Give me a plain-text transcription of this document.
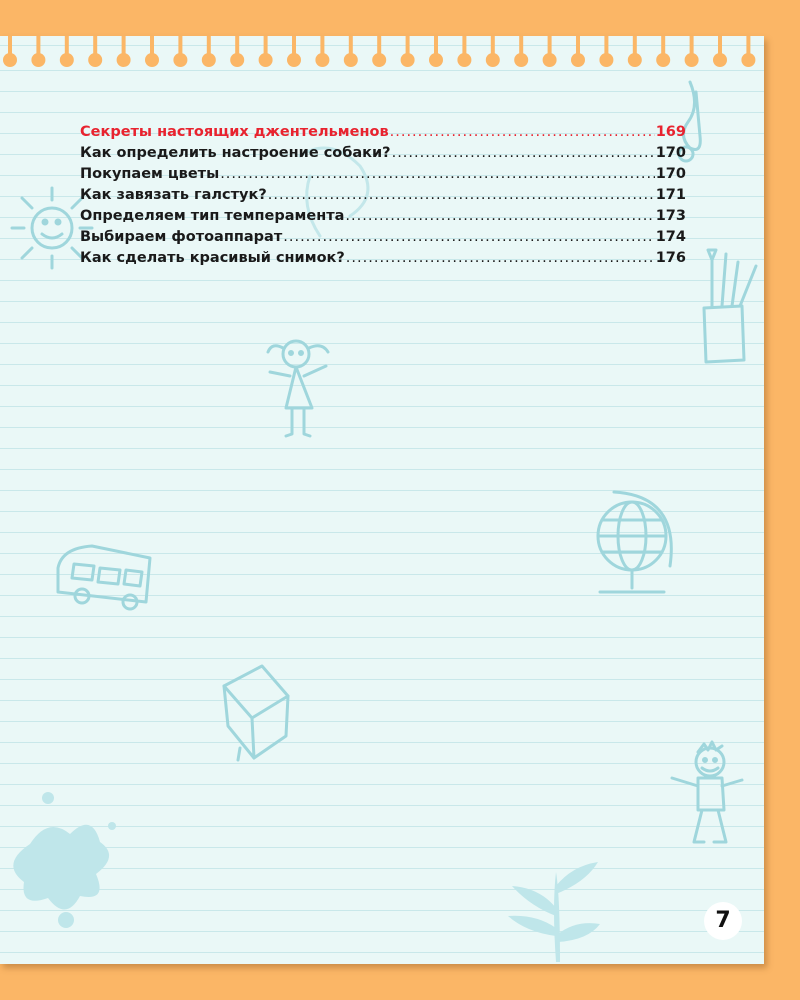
Секреты настоящих джентельменов .....	169
Как определить настроение собаки? .....	170
Покупаем цветы .....	170
Как завязать галстук? .....	171
Определяем тип темперамента .....	173
Выбираем фотоаппарат .....	174
Как сделать красивый снимок? .....	176
7
